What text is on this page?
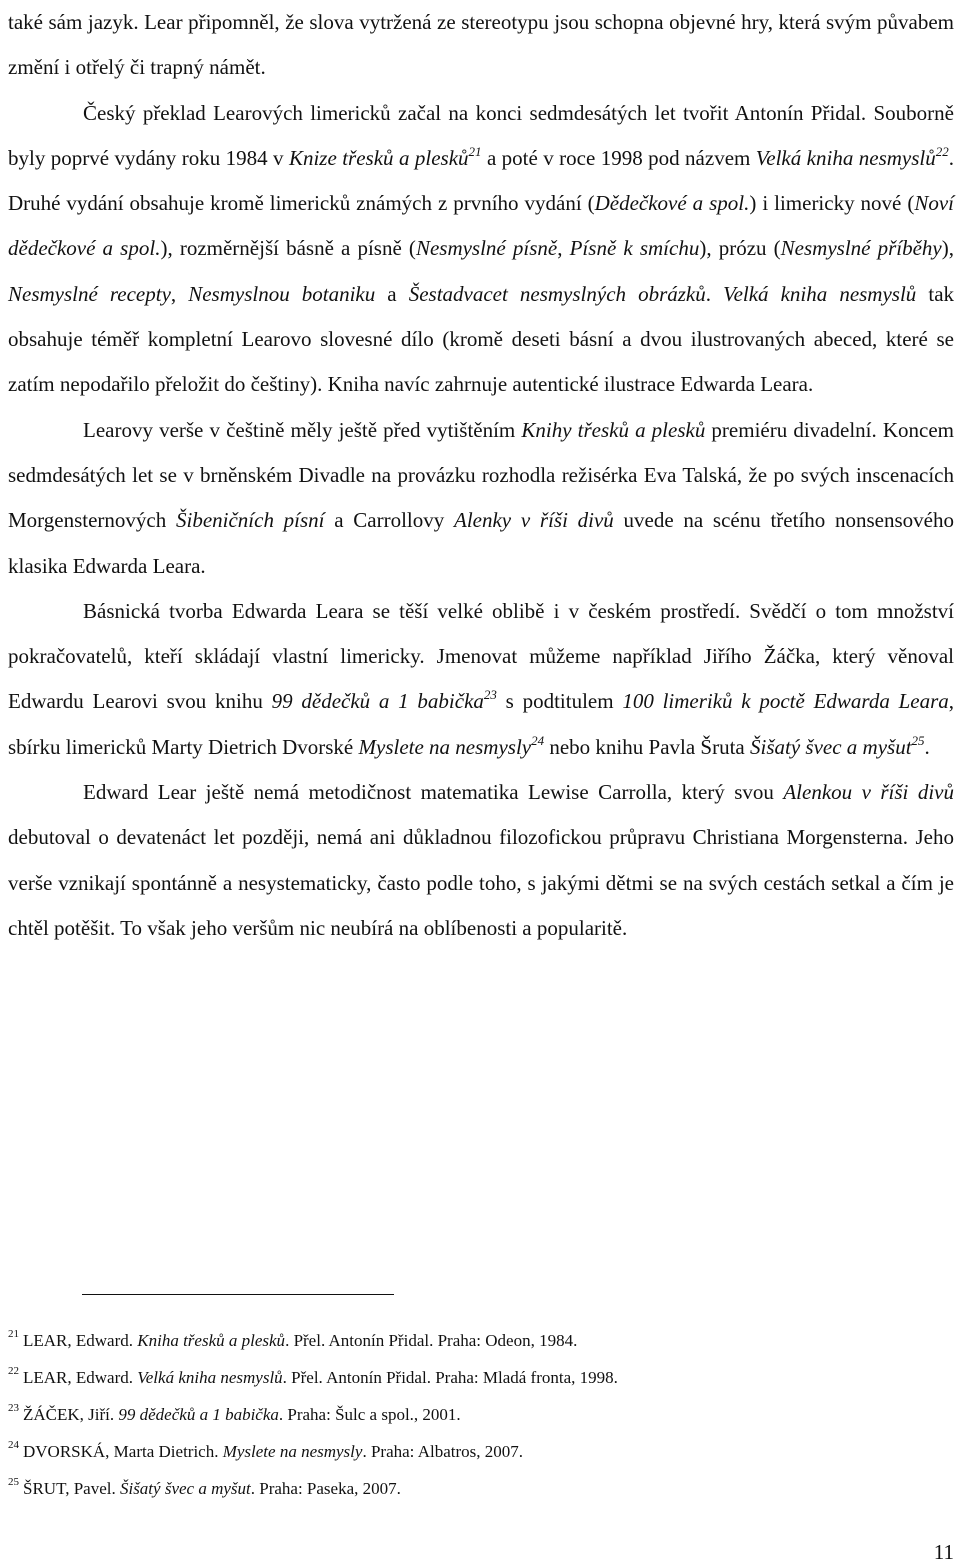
také sám jazyk. Lear připomněl, že slova vytržená ze stereotypu jsou schopna objevné hry, která svým půvabem změní i otřelý či trapný námět.

Český překlad Learových limericků začal na konci sedmdesátých let tvořit Antonín Přidal. Souborně byly poprvé vydány roku 1984 v Knize třesků a plesků$^{21}$ a poté v roce 1998 pod názvem Velká kniha nesmyslů$^{22}$. Druhé vydání obsahuje kromě limericků známých z prvního vydání (Dědečkové a spol.) i limericky nové (Noví dědečkové a spol.), rozměrnější básně a písně (Nesmyslné písně, Písně k smíchu), prózu (Nesmyslné příběhy), Nesmyslné recepty, Nesmyslnou botaniku a Šestadvacet nesmyslných obrázků. Velká kniha nesmyslů tak obsahuje téměř kompletní Learovo slovesné dílo (kromě deseti básní a dvou ilustrovaných abeced, které se zatím nepodařilo přeložit do češtiny). Kniha navíc zahrnuje autentické ilustrace Edwarda Leara.

Learovy verše v češtině měly ještě před vytištěním Knihy třesků a plesků premiéru divadelní. Koncem sedmdesátých let se v brněnském Divadle na provázku rozhodla režisérka Eva Talská, že po svých inscenacích Morgensternových Šibeničních písní a Carrollovy Alenky v říši divů uvede na scénu třetího nonsensového klasika Edwarda Leara.

Básnická tvorba Edwarda Leara se těší velké oblibě i v českém prostředí. Svědčí o tom množství pokračovatelů, kteří skládají vlastní limericky. Jmenovat můžeme například Jiřího Žáčka, který věnoval Edwardu Learovi svou knihu 99 dědečků a 1 babička$^{23}$ s podtitulem 100 limeriků k poctě Edwarda Leara, sbírku limericků Marty Dietrich Dvorské Myslete na nesmysly$^{24}$ nebo knihu Pavla Šruta Šišatý švec a myšut$^{25}$.

Edward Lear ještě nemá metodičnost matematika Lewise Carrolla, který svou Alenkou v říši divů debutoval o devatenáct let později, nemá ani důkladnou filozofickou průpravu Christiana Morgensterna. Jeho verše vznikají spontánně a nesystematicky, často podle toho, s jakými dětmi se na svých cestách setkal a čím je chtěl potěšit. To však jeho veršům nic neubírá na oblíbenosti a popularitě.

$^{21}$ LEAR, Edward. Kniha třesků a plesků. Přel. Antonín Přidal. Praha: Odeon, 1984.

$^{22}$ LEAR, Edward. Velká kniha nesmyslů. Přel. Antonín Přidal. Praha: Mladá fronta, 1998.

$^{23}$ ŽÁČEK, Jiří. 99 dědečků a 1 babička. Praha: Šulc a spol., 2001.

$^{24}$ DVORSKÁ, Marta Dietrich. Myslete na nesmysly. Praha: Albatros, 2007.

$^{25}$ ŠRUT, Pavel. Šišatý švec a myšut. Praha: Paseka, 2007.

11
